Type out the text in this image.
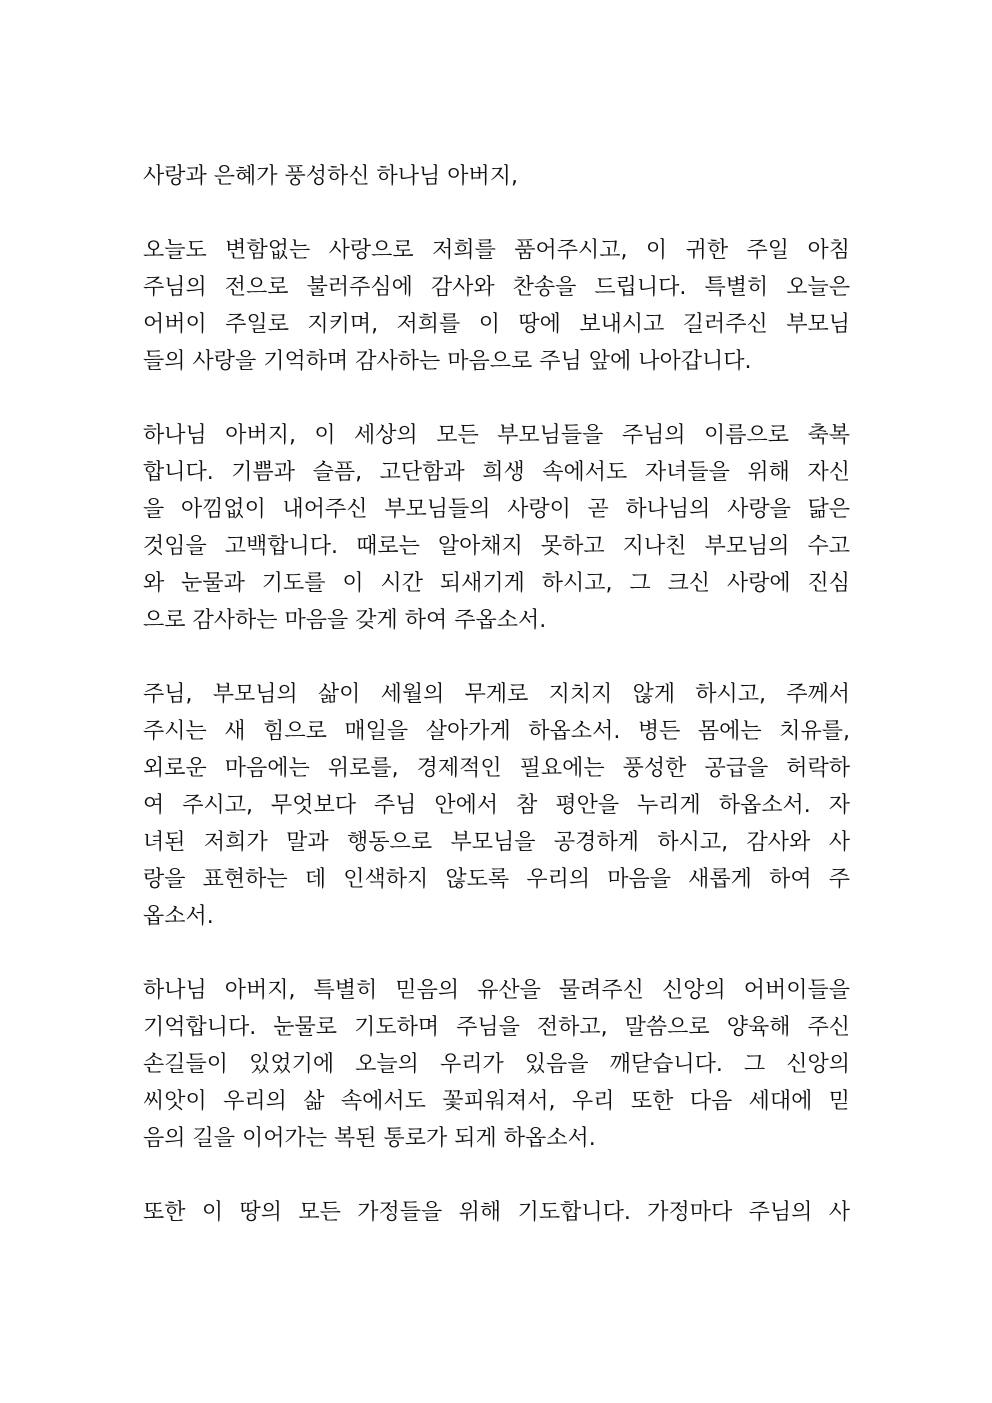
사랑과 은혜가 풍성하신 하나님 아버지,
오늘도 변함없는 사랑으로 저희를 품어주시고, 이 귀한 주일 아침
주님의 전으로 불러주심에 감사와 찬송을 드립니다. 특별히 오늘은
어버이 주일로 지키며, 저희를 이 땅에 보내시고 길러주신 부모님
들의 사랑을 기억하며 감사하는 마음으로 주님 앞에 나아갑니다.
하나님 아버지, 이 세상의 모든 부모님들을 주님의 이름으로 축복
합니다. 기쁨과 슬픔, 고단함과 희생 속에서도 자녀들을 위해 자신
을 아낌없이 내어주신 부모님들의 사랑이 곧 하나님의 사랑을 닮은
것임을 고백합니다. 때로는 알아채지 못하고 지나친 부모님의 수고
와 눈물과 기도를 이 시간 되새기게 하시고, 그 크신 사랑에 진심
으로 감사하는 마음을 갖게 하여 주옵소서.
주님, 부모님의 삶이 세월의 무게로 지치지 않게 하시고, 주께서
주시는 새 힘으로 매일을 살아가게 하옵소서. 병든 몸에는 치유를,
외로운 마음에는 위로를, 경제적인 필요에는 풍성한 공급을 허락하
여 주시고, 무엇보다 주님 안에서 참 평안을 누리게 하옵소서. 자
녀된 저희가 말과 행동으로 부모님을 공경하게 하시고, 감사와 사
랑을 표현하는 데 인색하지 않도록 우리의 마음을 새롭게 하여 주
옵소서.
하나님 아버지, 특별히 믿음의 유산을 물려주신 신앙의 어버이들을
기억합니다. 눈물로 기도하며 주님을 전하고, 말씀으로 양육해 주신
손길들이 있었기에 오늘의 우리가 있음을 깨닫습니다. 그 신앙의
씨앗이 우리의 삶 속에서도 꽃피워져서, 우리 또한 다음 세대에 믿
음의 길을 이어가는 복된 통로가 되게 하옵소서.
또한 이 땅의 모든 가정들을 위해 기도합니다. 가정마다 주님의 사
